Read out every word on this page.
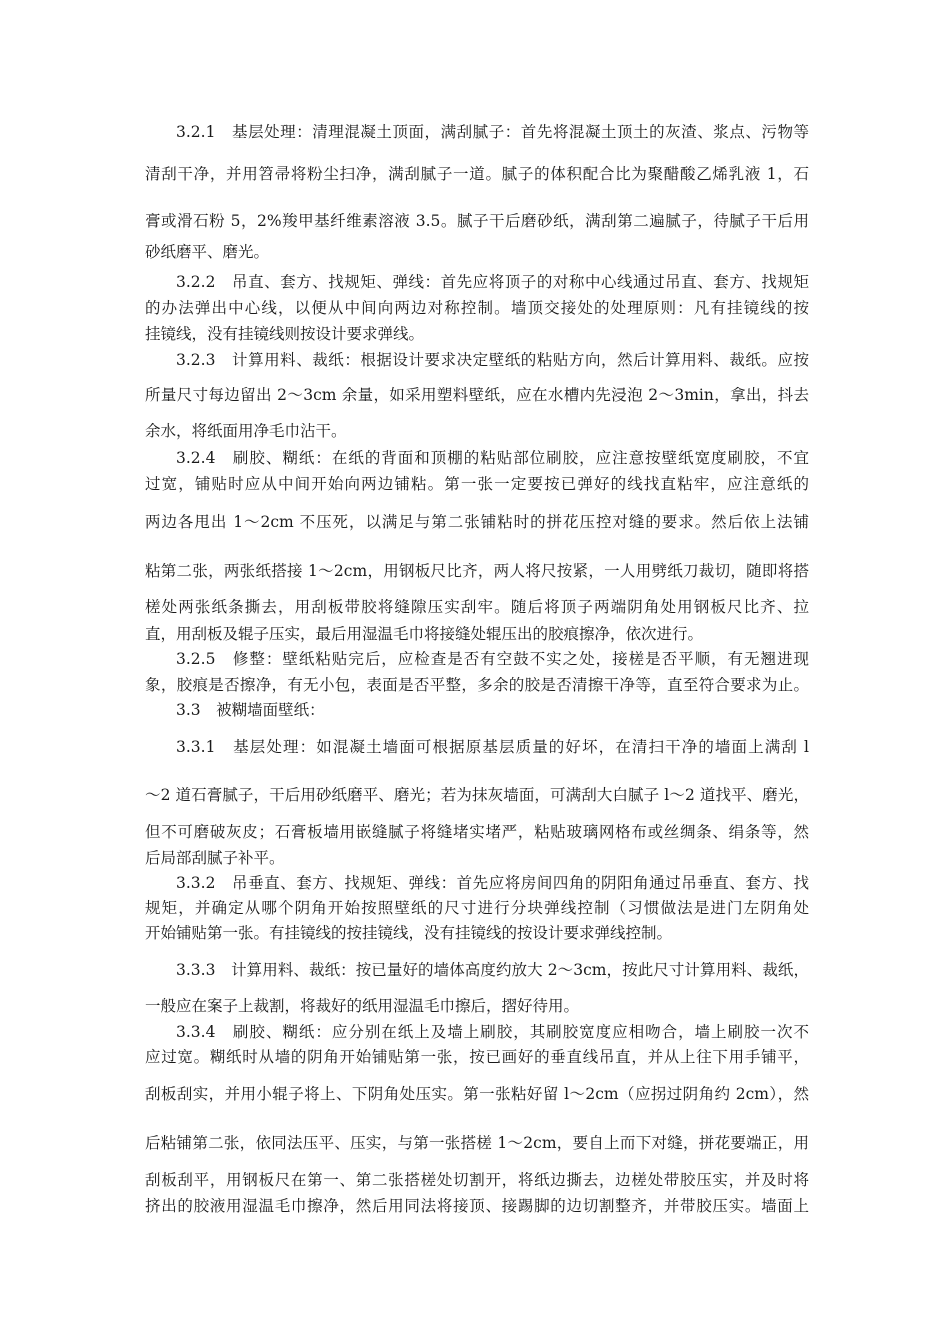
3.2.1　基层处理：清理混凝土顶面，满刮腻子：首先将混凝土顶土的灰渣、浆点、污物等
清刮干净，并用笤帚将粉尘扫净，满刮腻子一道。腻子的体积配合比为聚醋酸乙烯乳液 1，石
膏或滑石粉 5，2%羧甲基纤维素溶液 3.5。腻子干后磨砂纸，满刮第二遍腻子，待腻子干后用
砂纸磨平、磨光。
3.2.2　吊直、套方、找规矩、弹线：首先应将顶子的对称中心线通过吊直、套方、找规矩
的办法弹出中心线，以便从中间向两边对称控制。墙顶交接处的处理原则：凡有挂镜线的按
挂镜线，没有挂镜线则按设计要求弹线。
3.2.3　计算用料、裁纸：根据设计要求决定壁纸的粘贴方向，然后计算用料、裁纸。应按
所量尺寸每边留出 2～3cm 余量，如采用塑料壁纸，应在水槽内先浸泡 2～3min，拿出，抖去
余水，将纸面用净毛巾沾干。
3.2.4　刷胶、糊纸：在纸的背面和顶棚的粘贴部位刷胶，应注意按壁纸宽度刷胶，不宜
过宽，铺贴时应从中间开始向两边铺粘。第一张一定要按已弹好的线找直粘牢，应注意纸的
两边各甩出 1～2cm 不压死，以满足与第二张铺粘时的拼花压控对缝的要求。然后依上法铺
粘第二张，两张纸搭接 1～2cm，用钢板尺比齐，两人将尺按紧，一人用劈纸刀裁切，随即将搭
槎处两张纸条撕去，用刮板带胶将缝隙压实刮牢。随后将顶子两端阴角处用钢板尺比齐、拉
直，用刮板及辊子压实，最后用湿温毛巾将接缝处辊压出的胶痕擦净，依次进行。
3.2.5　修整：壁纸粘贴完后，应检查是否有空鼓不实之处，接槎是否平顺，有无翘进现
象，胶痕是否擦净，有无小包，表面是否平整，多余的胶是否清擦干净等，直至符合要求为止。
3.3　被糊墙面壁纸：
3.3.1　基层处理：如混凝土墙面可根据原基层质量的好坏，在清扫干净的墙面上满刮 l
～2 道石膏腻子，干后用砂纸磨平、磨光；若为抹灰墙面，可满刮大白腻子 l～2 道找平、磨光，
但不可磨破灰皮；石膏板墙用嵌缝腻子将缝堵实堵严，粘贴玻璃网格布或丝绸条、绢条等，然
后局部刮腻子补平。
3.3.2　吊垂直、套方、找规矩、弹线：首先应将房间四角的阴阳角通过吊垂直、套方、找
规矩，并确定从哪个阴角开始按照壁纸的尺寸进行分块弹线控制（习惯做法是进门左阴角处
开始铺贴第一张。有挂镜线的按挂镜线，没有挂镜线的按设计要求弹线控制。
3.3.3　计算用料、裁纸：按已量好的墙体高度约放大 2～3cm，按此尺寸计算用料、裁纸，
一般应在案子上裁割，将裁好的纸用湿温毛巾擦后，摺好待用。
3.3.4　刷胶、糊纸：应分别在纸上及墙上刷胶，其刷胶宽度应相吻合，墙上刷胶一次不
应过宽。糊纸时从墙的阴角开始铺贴第一张，按已画好的垂直线吊直，并从上往下用手铺平，
刮板刮实，并用小辊子将上、下阴角处压实。第一张粘好留 l～2cm（应拐过阴角约 2cm），然
后粘铺第二张，依同法压平、压实，与第一张搭槎 1～2cm，要自上而下对缝，拼花要端正，用
刮板刮平，用钢板尺在第一、第二张搭槎处切割开，将纸边撕去，边槎处带胶压实，并及时将
挤出的胶液用湿温毛巾擦净，然后用同法将接顶、接踢脚的边切割整齐，并带胶压实。墙面上
